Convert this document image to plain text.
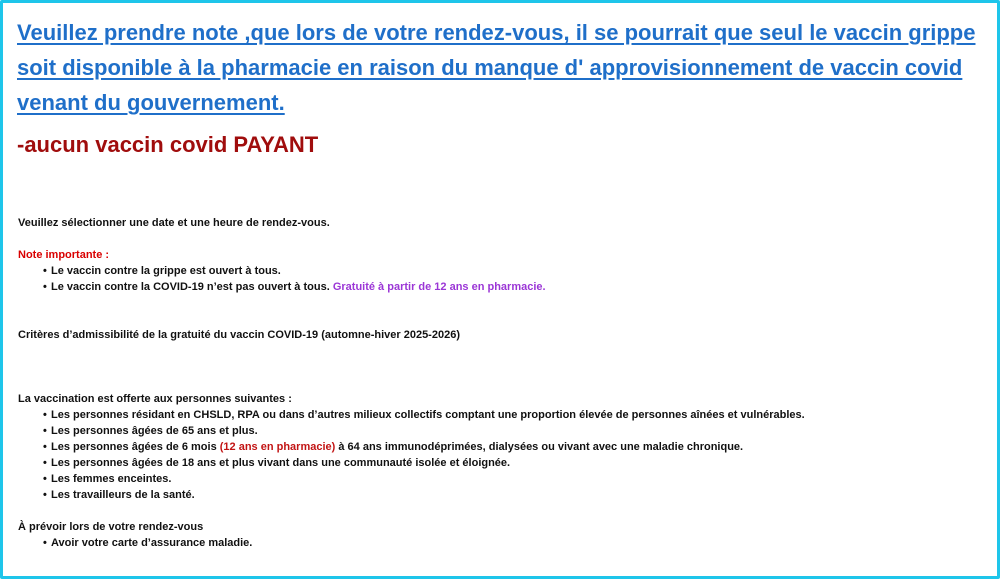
Veuillez prendre note ,que lors de votre rendez-vous, il se pourrait que seul le vaccin grippe soit disponible à la pharmacie en raison du manque d' approvisionnement de vaccin covid venant du gouvernement.

-aucun vaccin covid PAYANT

Veuillez sélectionner une date et une heure de rendez-vous.

Note importante :

• Le vaccin contre la grippe est ouvert à tous.
• Le vaccin contre la COVID-19 n’est pas ouvert à tous. Gratuité à partir de 12 ans en pharmacie.

Critères d’admissibilité de la gratuité du vaccin COVID-19 (automne-hiver 2025-2026)

La vaccination est offerte aux personnes suivantes :

• Les personnes résidant en CHSLD, RPA ou dans d’autres milieux collectifs comptant une proportion élevée de personnes aînées et vulnérables.
• Les personnes âgées de 65 ans et plus.
• Les personnes âgées de 6 mois (12 ans en pharmacie) à 64 ans immunodéprimées, dialysées ou vivant avec une maladie chronique.
• Les personnes âgées de 18 ans et plus vivant dans une communauté isolée et éloignée.
• Les femmes enceintes.
• Les travailleurs de la santé.

À prévoir lors de votre rendez-vous

• Avoir votre carte d’assurance maladie.
